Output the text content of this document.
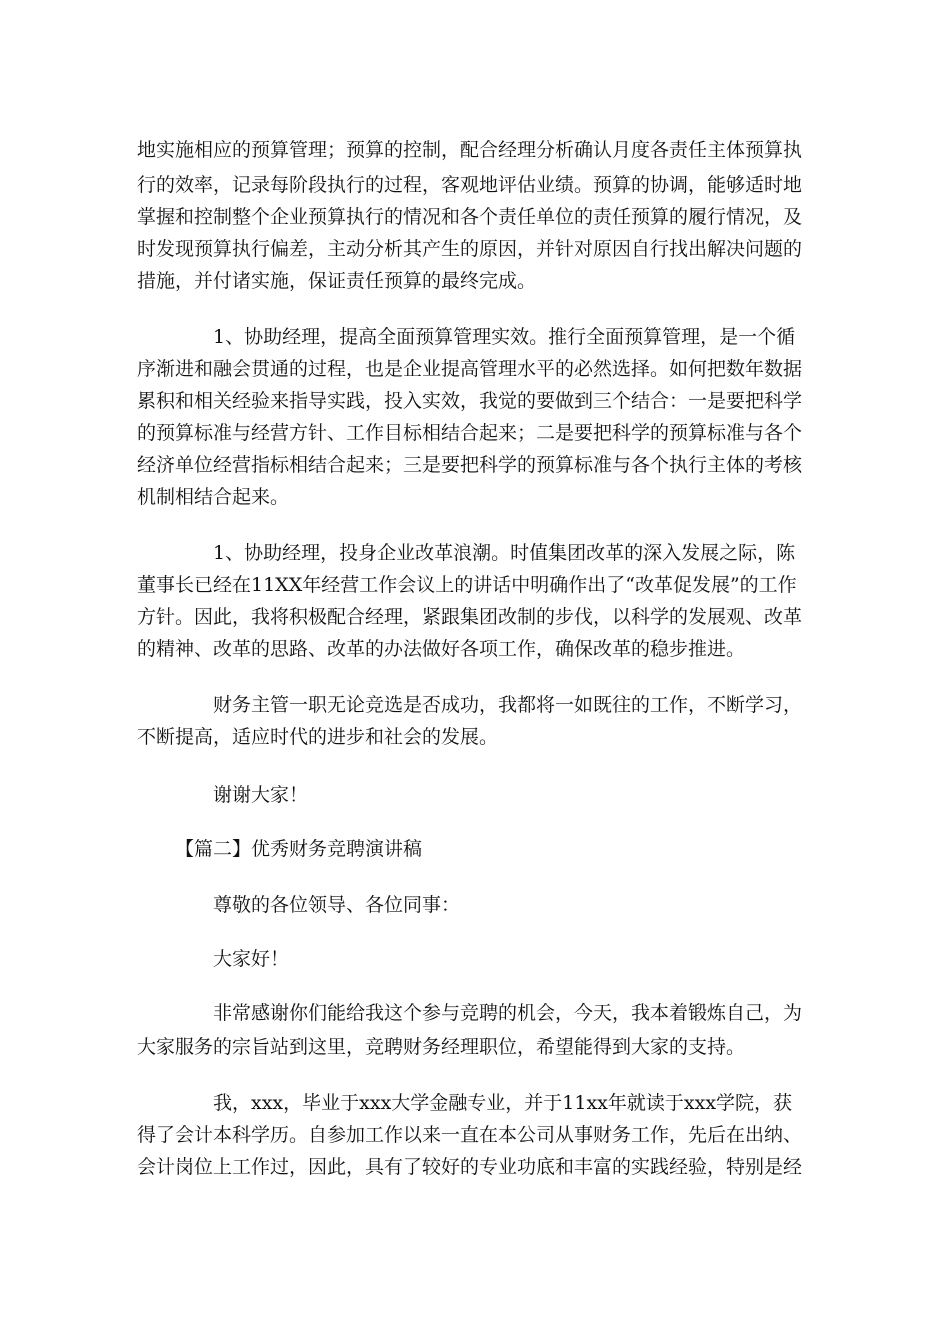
地实施相应的预算管理；预算的控制，配合经理分析确认月度各责任主体预算执
行的效率，记录每阶段执行的过程，客观地评估业绩。预算的协调，能够适时地
掌握和控制整个企业预算执行的情况和各个责任单位的责任预算的履行情况，及
时发现预算执行偏差，主动分析其产生的原因，并针对原因自行找出解决问题的
措施，并付诸实施，保证责任预算的最终完成。
1、协助经理，提高全面预算管理实效。推行全面预算管理，是一个循
序渐进和融会贯通的过程，也是企业提高管理水平的必然选择。如何把数年数据
累积和相关经验来指导实践，投入实效，我觉的要做到三个结合：一是要把科学
的预算标准与经营方针、工作目标相结合起来；二是要把科学的预算标准与各个
经济单位经营指标相结合起来；三是要把科学的预算标准与各个执行主体的考核
机制相结合起来。
1、协助经理，投身企业改革浪潮。时值集团改革的深入发展之际，陈
董事长已经在11XX年经营工作会议上的讲话中明确作出了“改革促发展”的工作
方针。因此，我将积极配合经理，紧跟集团改制的步伐，以科学的发展观、改革
的精神、改革的思路、改革的办法做好各项工作，确保改革的稳步推进。
财务主管一职无论竞选是否成功，我都将一如既往的工作，不断学习，
不断提高，适应时代的进步和社会的发展。
谢谢大家！
【篇二】优秀财务竞聘演讲稿
尊敬的各位领导、各位同事：
大家好！
非常感谢你们能给我这个参与竞聘的机会，今天，我本着锻炼自己，为
大家服务的宗旨站到这里，竞聘财务经理职位，希望能得到大家的支持。
我，xxx，毕业于xxx大学金融专业，并于11xx年就读于xxx学院，获
得了会计本科学历。自参加工作以来一直在本公司从事财务工作，先后在出纳、
会计岗位上工作过，因此，具有了较好的专业功底和丰富的实践经验，特别是经
